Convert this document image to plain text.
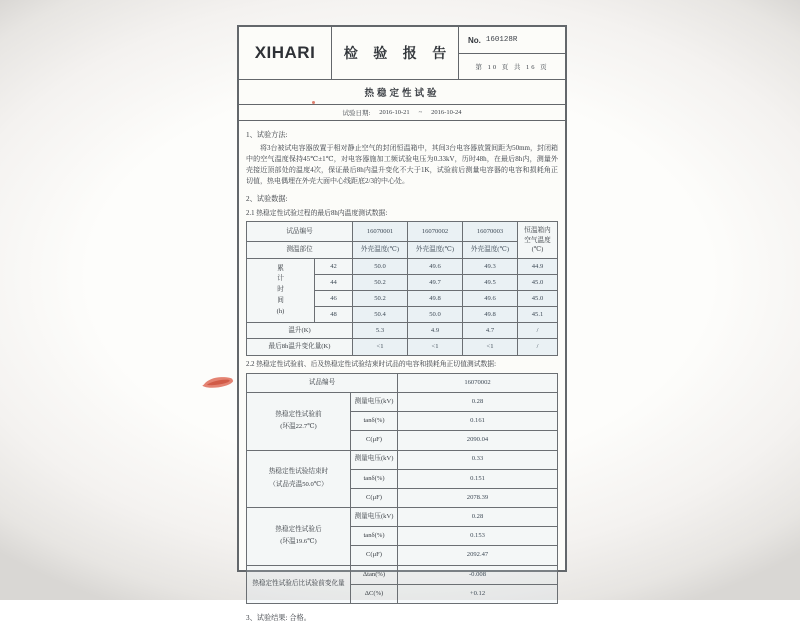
XIHARI	检 验 报 告
No. 160128R
第 10 页 共 16 页
热稳定性试验
试验日期: 2016-10-21 ~ 2016-10-24
1、试验方法:
将3台被试电容器放置于相对静止空气的封闭恒温箱中，其间3台电容器放置间距为50mm，封闭箱中的空气温度保持45℃±1℃，对电容器施加工频试验电压为0.33kV，历时48h，在最后8h内，测量外壳接近顶部处的温度4次，保证最后8h内温升变化不大于1K，试验前后测量电容器的电容和损耗角正切值，热电偶埋在外壳大面中心线距底2/3的中心处。
2、试验数据:
2.1 热稳定性试验过程的最后8h内温度测试数据:
试品编号		16070001	16070002	16070003	恒温箱内空气温度(℃)

测温部位		外壳温度(℃)	外壳温度(℃)	外壳温度(℃)	

累计时间(h)	42	50.0	49.6	49.3	44.9
	44	50.2	49.7	49.5	45.0
	46	50.2	49.8	49.6	45.0
	48	50.4	50.0	49.8	45.1
温升(K)		5.3	4.9	4.7	/
最后8h温升变化量(K)		<1	<1	<1	/
2.2 热稳定性试验前、后及热稳定性试验结束时试品的电容和损耗角正切值测试数据:
试品编号		16070002

热稳定性试验前
(环温22.7℃)	测量电压(kV)	0.28
	tanδ(%)	0.161
	C(μF)	2090.04

热稳定性试验结束时
（试品壳温50.0℃）	测量电压(kV)	0.33
	tanδ(%)	0.151
	C(μF)	2078.39

热稳定性试验后
(环温19.6℃)	测量电压(kV)	0.28
	tanδ(%)	0.153
	C(μF)	2092.47

热稳定性试验后比试验前变化量	Δtan(%)	-0.008
	ΔC(%)	+0.12
3、试验结果: 合格。
